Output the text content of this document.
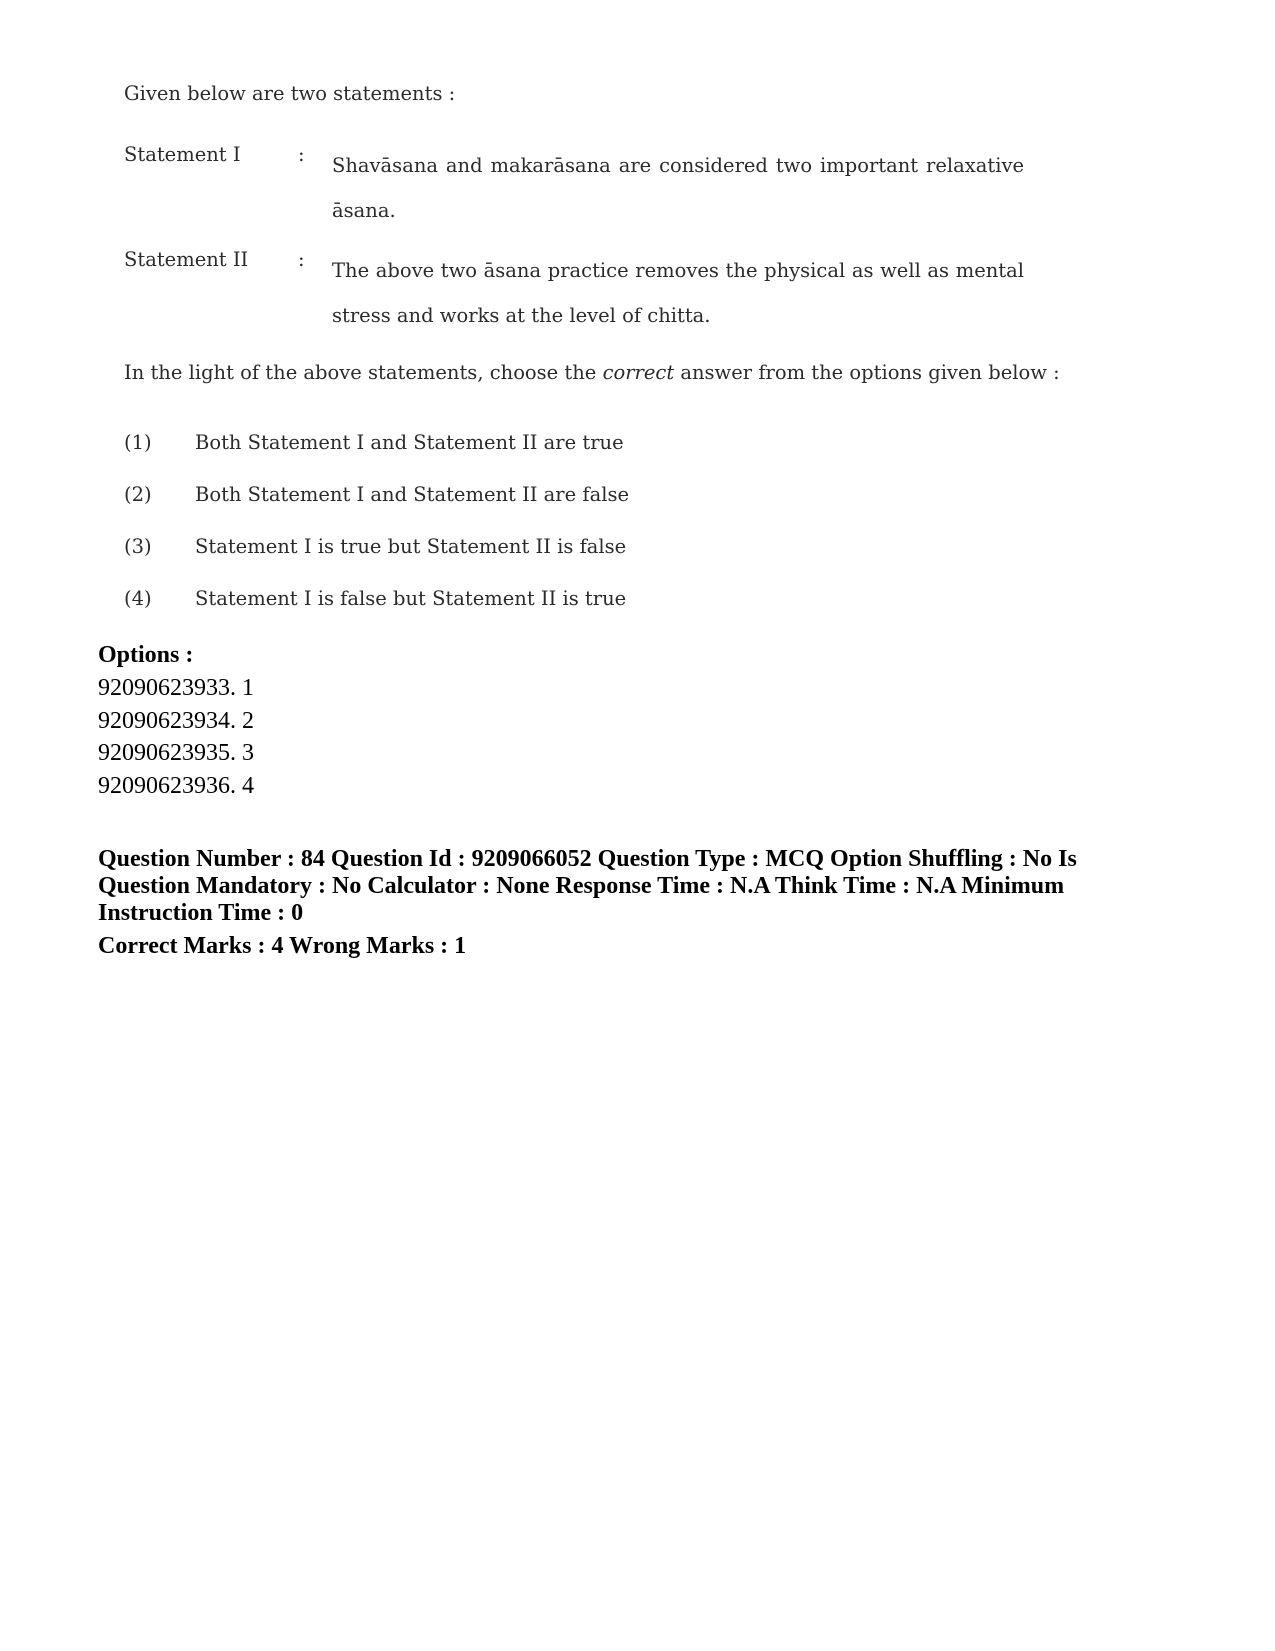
Given below are two statements :
Statement I	: Shavāsana and makarāsana are considered two important relaxative āsana.
Statement II	: The above two āsana practice removes the physical as well as mental stress and works at the level of chitta.
In the light of the above statements, choose the correct answer from the options given below :
(1) Both Statement I and Statement II are true
(2) Both Statement I and Statement II are false
(3) Statement I is true but Statement II is false
(4) Statement I is false but Statement II is true
Options :
92090623933. 1
92090623934. 2
92090623935. 3
92090623936. 4
Question Number : 84 Question Id : 9209066052 Question Type : MCQ Option Shuffling : No Is Question Mandatory : No Calculator : None Response Time : N.A Think Time : N.A Minimum Instruction Time : 0
Correct Marks : 4 Wrong Marks : 1
